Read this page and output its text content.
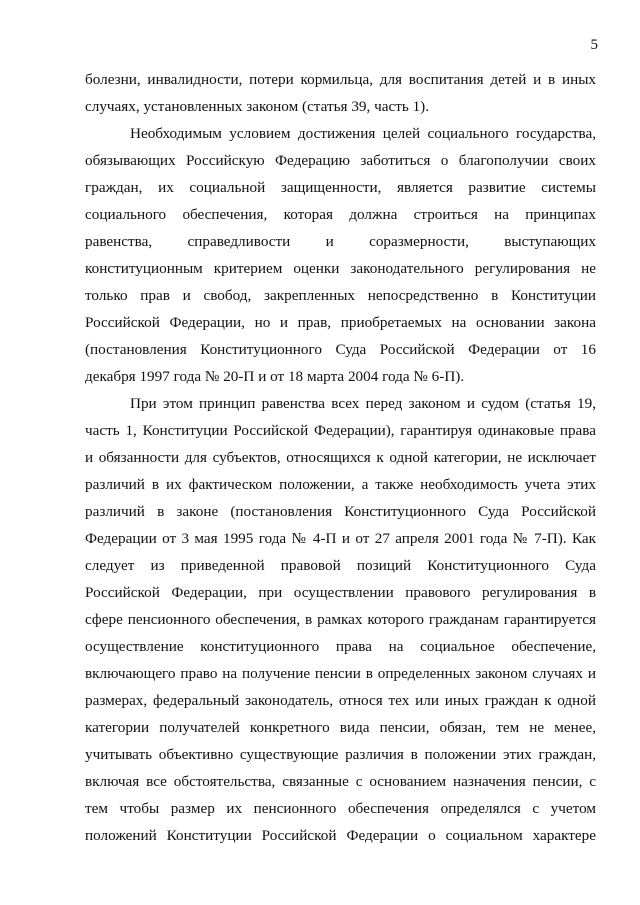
5
болезни, инвалидности, потери кормильца, для воспитания детей и в иных
случаях, установленных законом (статья 39, часть 1).
Необходимым условием достижения целей социального государства,
обязывающих Российскую Федерацию заботиться о благополучии своих
граждан, их социальной защищенности, является развитие системы
социального обеспечения, которая должна строиться на принципах
равенства, справедливости и соразмерности, выступающих
конституционным критерием оценки законодательного регулирования не
только прав и свобод, закрепленных непосредственно в Конституции
Российской Федерации, но и прав, приобретаемых на основании закона
(постановления Конституционного Суда Российской Федерации от 16
декабря 1997 года № 20-П и от 18 марта 2004 года № 6-П).
При этом принцип равенства всех перед законом и судом (статья 19,
часть 1, Конституции Российской Федерации), гарантируя одинаковые права
и обязанности для субъектов, относящихся к одной категории, не исключает
различий в их фактическом положении, а также необходимость учета этих
различий в законе (постановления Конституционного Суда Российской
Федерации от 3 мая 1995 года № 4-П и от 27 апреля 2001 года № 7-П). Как
следует из приведенной правовой позиций Конституционного Суда
Российской Федерации, при осуществлении правового регулирования в
сфере пенсионного обеспечения, в рамках которого гражданам гарантируется
осуществление конституционного права на социальное обеспечение,
включающего право на получение пенсии в определенных законом случаях и
размерах, федеральный законодатель, относя тех или иных граждан к одной
категории получателей конкретного вида пенсии, обязан, тем не менее,
учитывать объективно существующие различия в положении этих граждан,
включая все обстоятельства, связанные с основанием назначения пенсии, с
тем чтобы размер их пенсионного обеспечения определялся с учетом
положений Конституции Российской Федерации о социальном характере
